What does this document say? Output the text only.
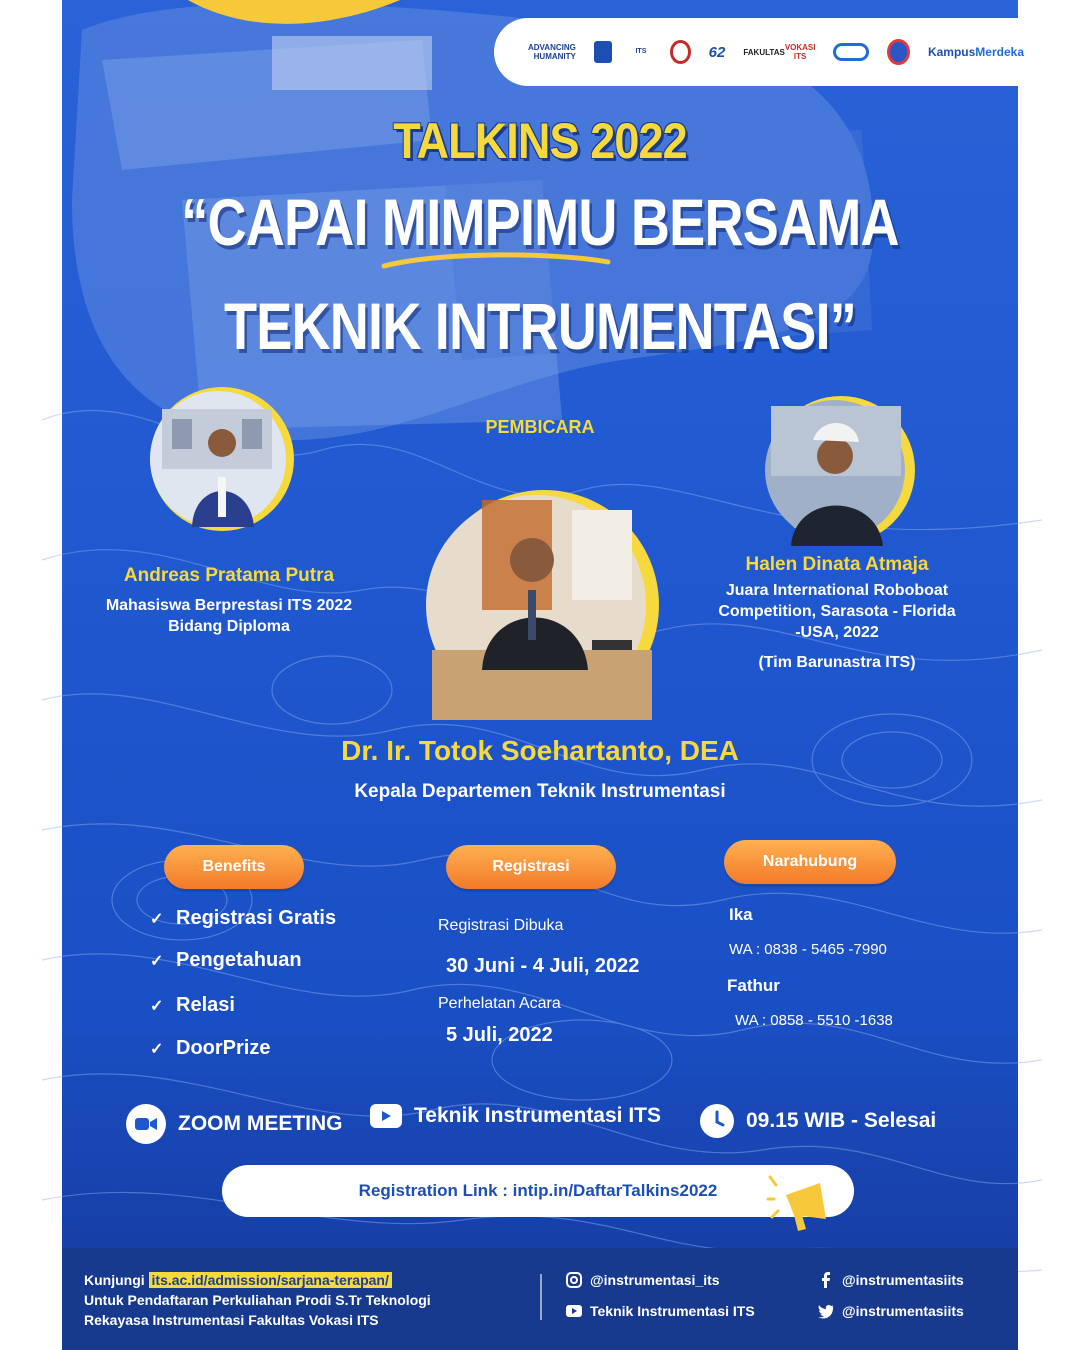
ADVANCING
HUMANITY
ITS	62 FAKULTAS VOKASI ITS	Kampus Merdeka
TALKINS 2022
“CAPAI MIMPIMU BERSAMA
TEKNIK INTRUMENTASI”
PEMBICARA
Andreas Pratama Putra
Mahasiswa Berprestasi ITS 2022
Bidang Diploma
Halen Dinata Atmaja
Juara International Roboboat
Competition, Sarasota - Florida
-USA, 2022
(Tim Barunastra ITS)
Dr. Ir. Totok Soehartanto, DEA
Kepala Departemen Teknik Instrumentasi
Benefits	Registrasi	Narahubung
✓ Registrasi Gratis
✓ Pengetahuan
✓ Relasi
✓ DoorPrize
Registrasi Dibuka
30 Juni - 4 Juli, 2022
Perhelatan Acara
5 Juli, 2022
Ika
WA : 0838 - 5465 -7990
Fathur
WA : 0858 - 5510 -1638
ZOOM MEETING	Teknik Instrumentasi ITS	09.15 WIB - Selesai
Registration Link : intip.in/DaftarTalkins2022
Kunjungi its.ac.id/admission/sarjana-terapan/
Untuk Pendaftaran Perkuliahan Prodi S.Tr Teknologi
Rekayasa Instrumentasi Fakultas Vokasi ITS
@instrumentasi_its
Teknik Instrumentasi ITS
@instrumentasiits
@instrumentasiits
